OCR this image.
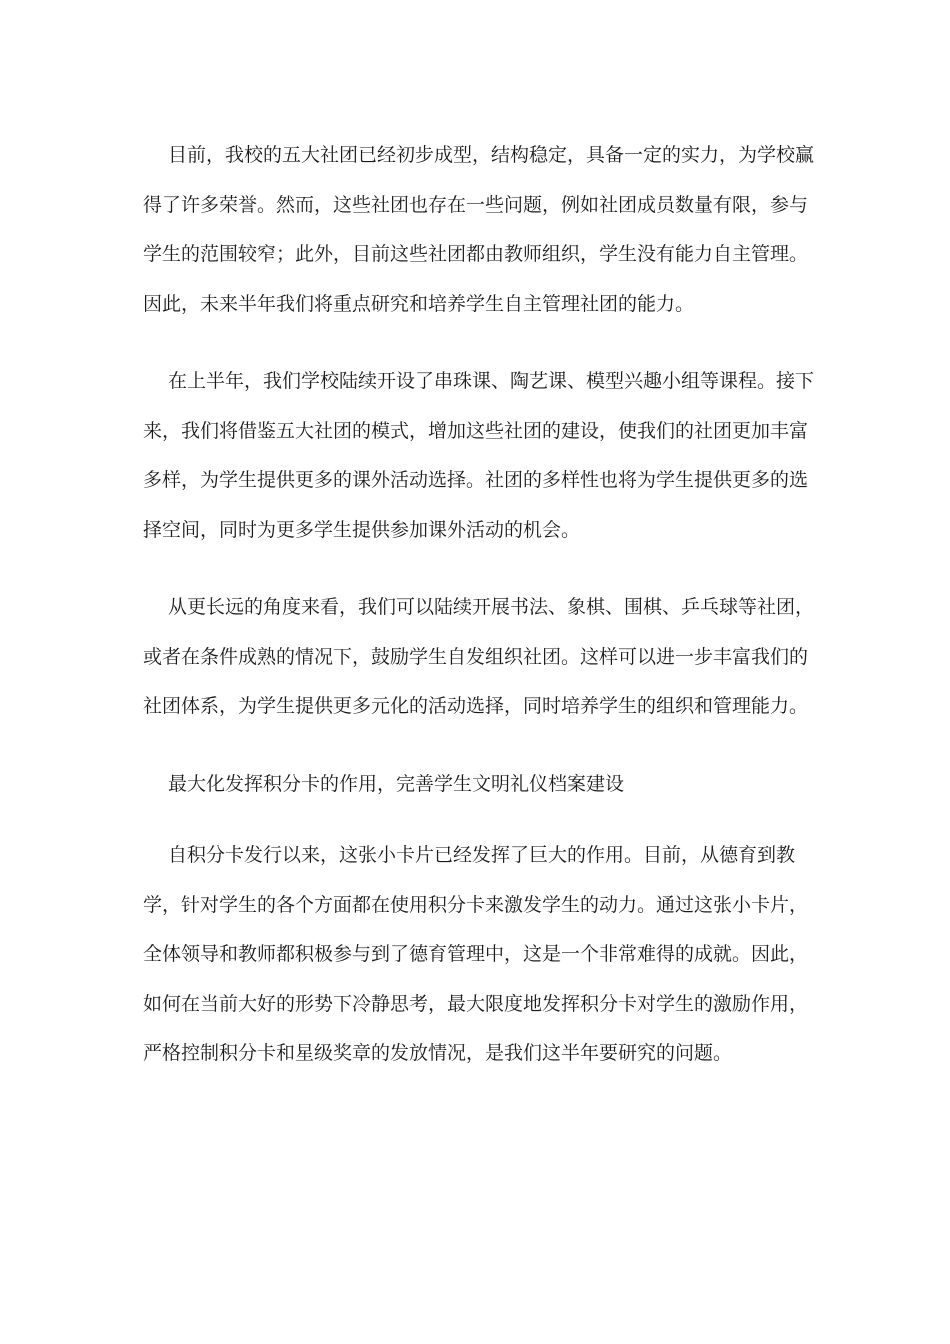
目前，我校的五大社团已经初步成型，结构稳定，具备一定的实力，为学校赢得了许多荣誉。然而，这些社团也存在一些问题，例如社团成员数量有限，参与学生的范围较窄；此外，目前这些社团都由教师组织，学生没有能力自主管理。因此，未来半年我们将重点研究和培养学生自主管理社团的能力。

在上半年，我们学校陆续开设了串珠课、陶艺课、模型兴趣小组等课程。接下来，我们将借鉴五大社团的模式，增加这些社团的建设，使我们的社团更加丰富多样，为学生提供更多的课外活动选择。社团的多样性也将为学生提供更多的选择空间，同时为更多学生提供参加课外活动的机会。

从更长远的角度来看，我们可以陆续开展书法、象棋、围棋、乒乓球等社团，或者在条件成熟的情况下，鼓励学生自发组织社团。这样可以进一步丰富我们的社团体系，为学生提供更多元化的活动选择，同时培养学生的组织和管理能力。

最大化发挥积分卡的作用，完善学生文明礼仪档案建设

自积分卡发行以来，这张小卡片已经发挥了巨大的作用。目前，从德育到教学，针对学生的各个方面都在使用积分卡来激发学生的动力。通过这张小卡片，全体领导和教师都积极参与到了德育管理中，这是一个非常难得的成就。因此，如何在当前大好的形势下冷静思考，最大限度地发挥积分卡对学生的激励作用，严格控制积分卡和星级奖章的发放情况，是我们这半年要研究的问题。
